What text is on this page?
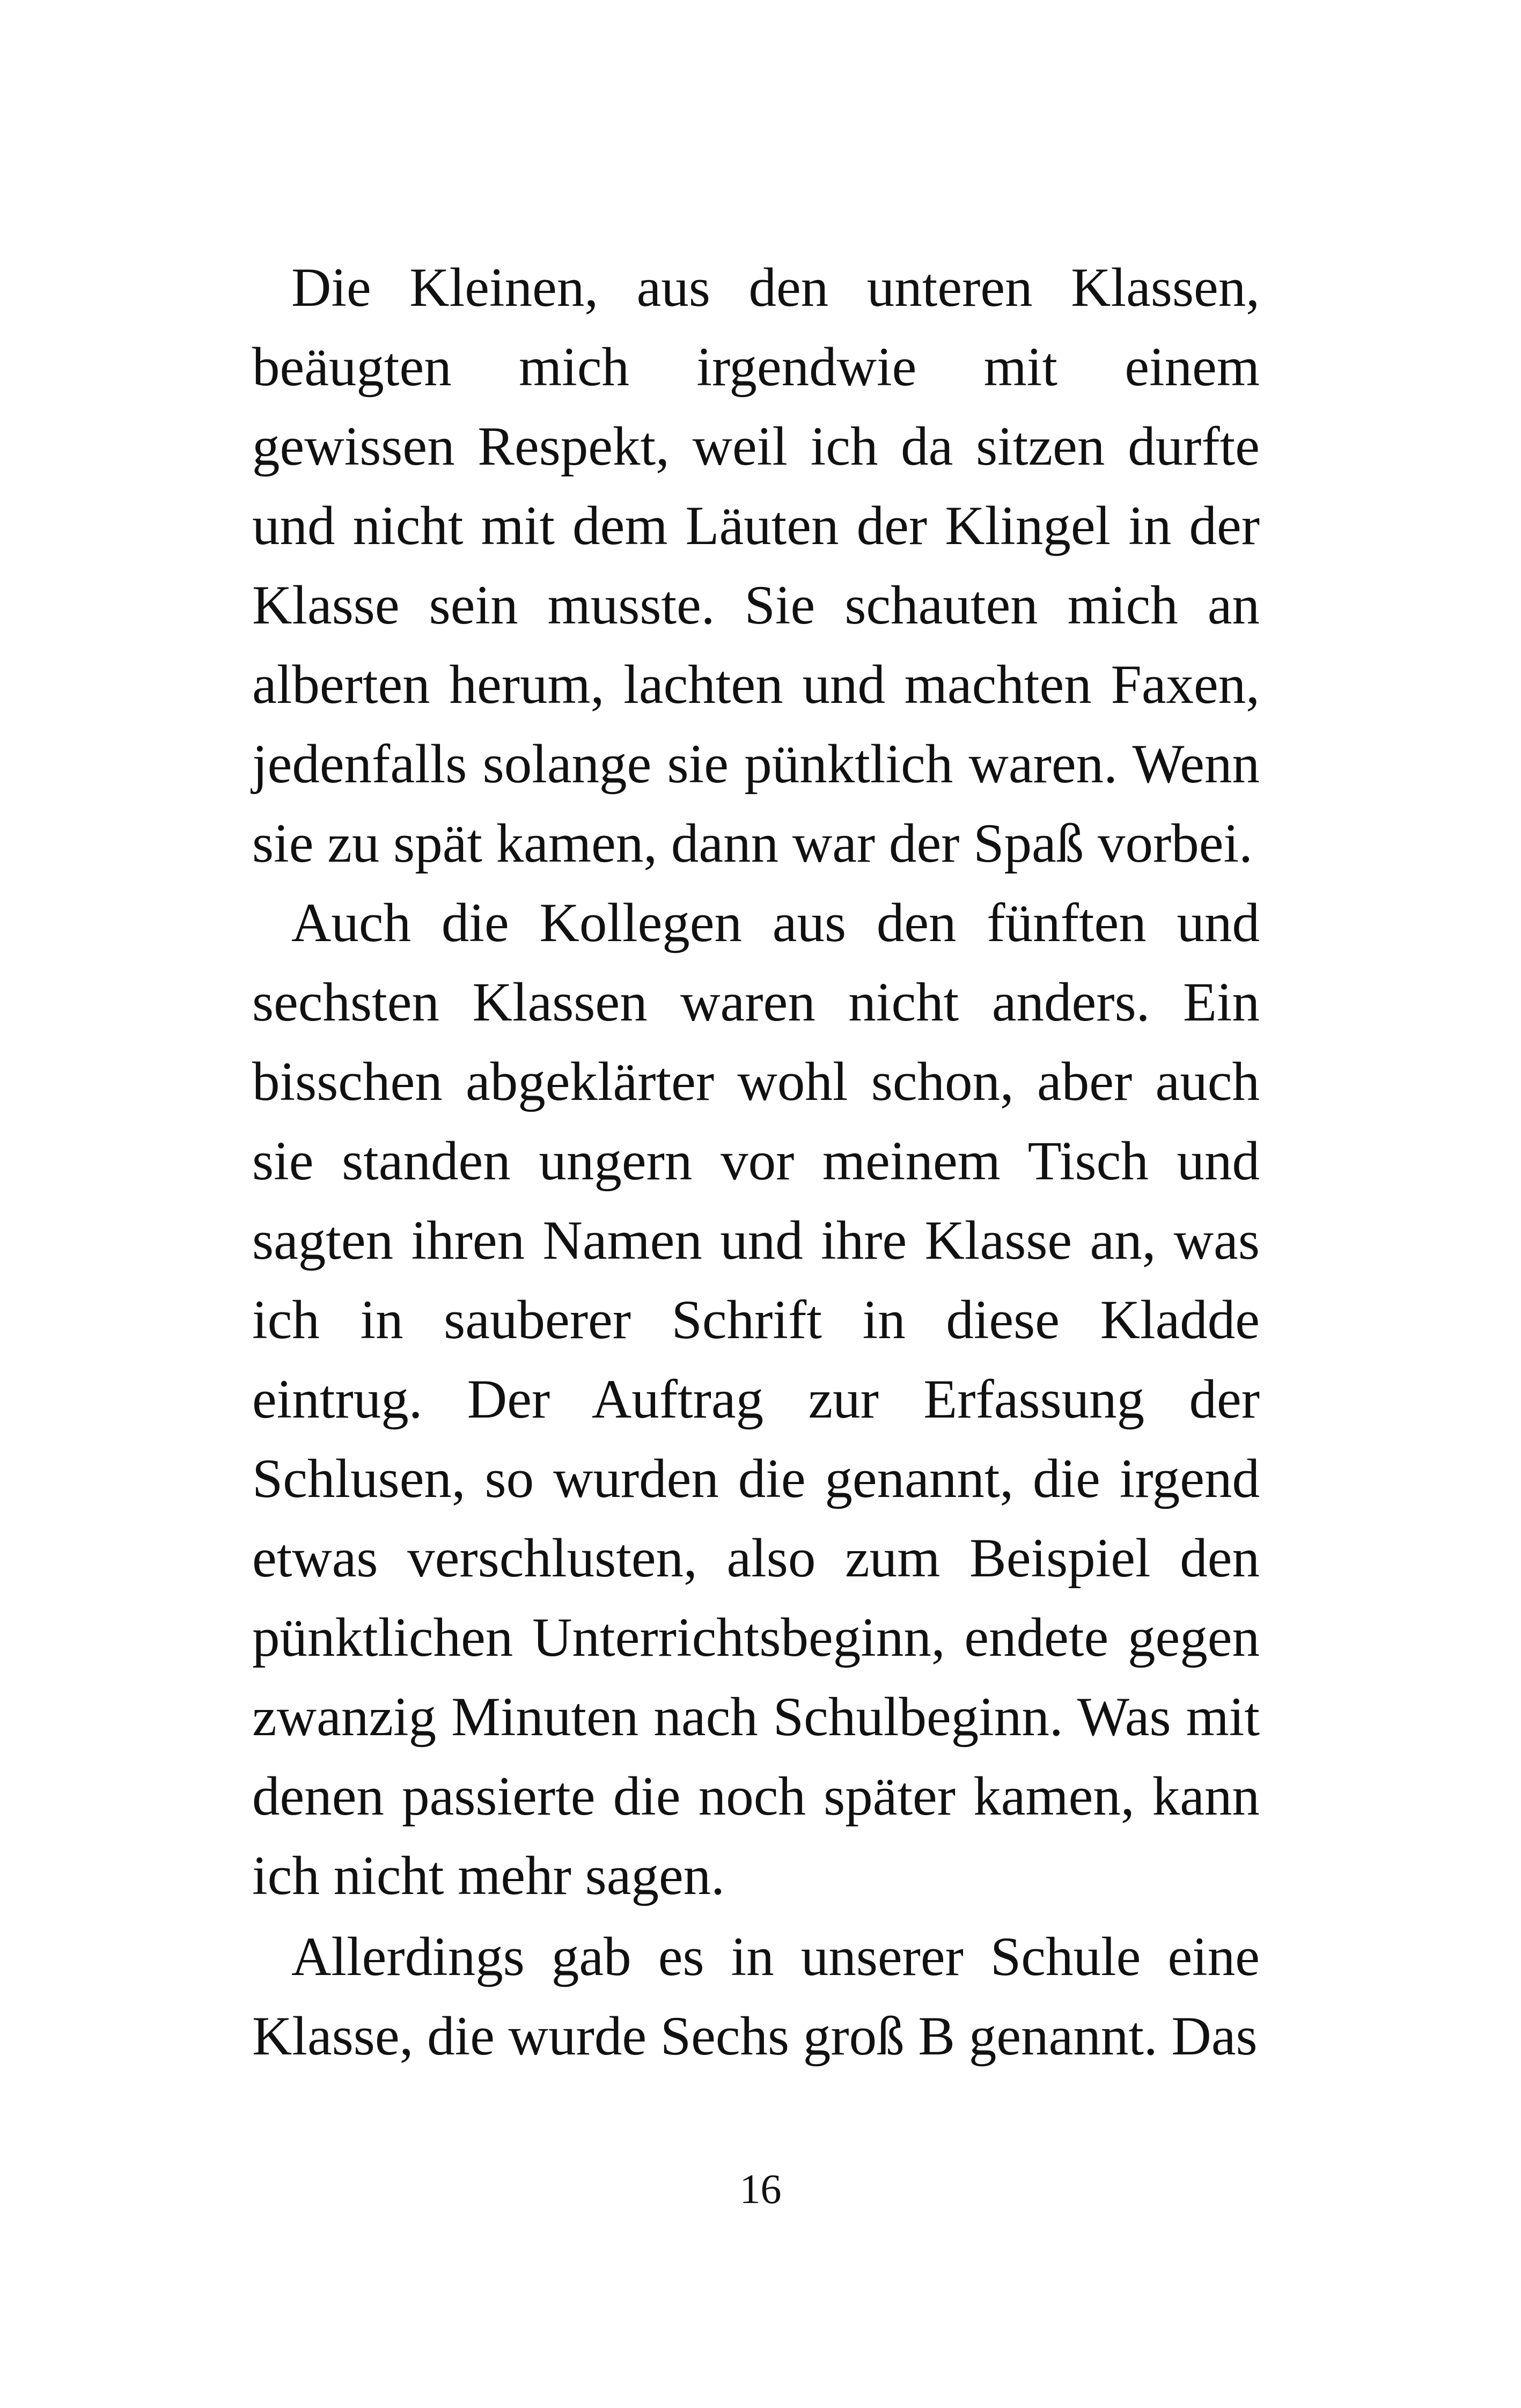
Die Kleinen, aus den unteren Klassen, beäugten mich irgendwie mit einem gewissen Respekt, weil ich da sitzen durfte und nicht mit dem Läuten der Klingel in der Klasse sein musste. Sie schauten mich an alberten herum, lachten und machten Faxen, jedenfalls solange sie pünktlich waren. Wenn sie zu spät kamen, dann war der Spaß vorbei.

Auch die Kollegen aus den fünften und sechsten Klassen waren nicht anders. Ein bisschen abgeklärter wohl schon, aber auch sie standen ungern vor meinem Tisch und sagten ihren Namen und ihre Klasse an, was ich in sauberer Schrift in diese Kladde eintrug. Der Auftrag zur Erfassung der Schlusen, so wurden die genannt, die irgend etwas verschlusten, also zum Beispiel den pünktlichen Unterrichtsbeginn, endete gegen zwanzig Minuten nach Schulbeginn. Was mit denen passierte die noch später kamen, kann ich nicht mehr sagen.

Allerdings gab es in unserer Schule eine Klasse, die wurde Sechs groß B genannt. Das

16
